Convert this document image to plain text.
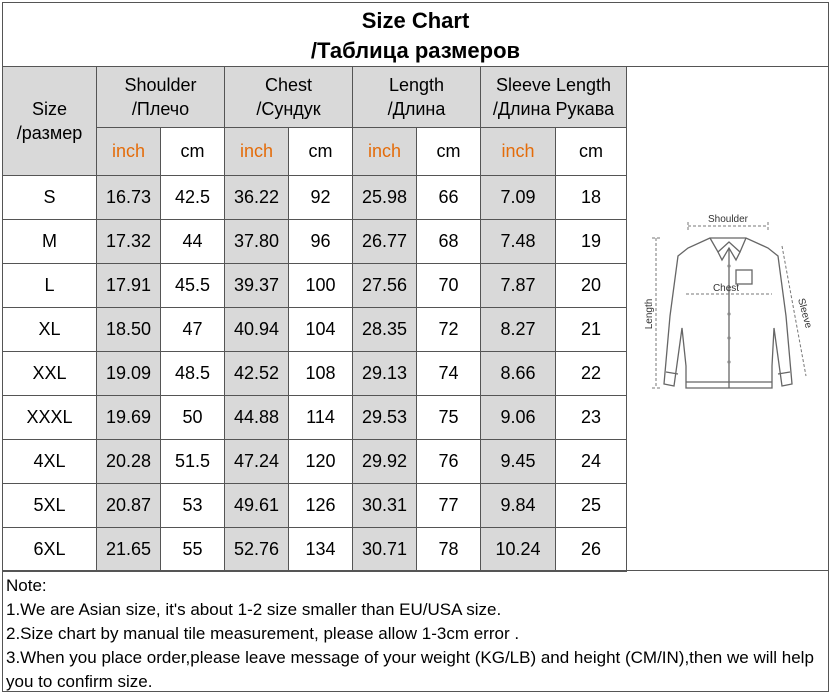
Size Chart
/Таблица размеров
Size
/размер	Shoulder
/Плечо		Chest
/Сундук		Length
/Длина		Sleeve Length
/Длина Рукава	

	inch	cm	inch	cm	inch	cm	inch	cm
S	16.73	42.5	36.22	92	25.98	66	7.09	18
M	17.32	44	37.80	96	26.77	68	7.48	19
L	17.91	45.5	39.37	100	27.56	70	7.87	20
XL	18.50	47	40.94	104	28.35	72	8.27	21
XXL	19.09	48.5	42.52	108	29.13	74	8.66	22
XXXL	19.69	50	44.88	114	29.53	75	9.06	23
4XL	20.28	51.5	47.24	120	29.92	76	9.45	24
5XL	20.87	53	49.61	126	30.31	77	9.84	25
6XL	21.65	55	52.76	134	30.71	78	10.24	26
Shoulder
Chest
Length	Sleeve
Note:
1.We are Asian size, it's about 1-2 size smaller than EU/USA size.
2.Size chart by manual tile measurement, please allow 1-3cm error .
3.When you place order,please leave message of your weight (KG/LB) and height (CM/IN),then we will help you to confirm size.
